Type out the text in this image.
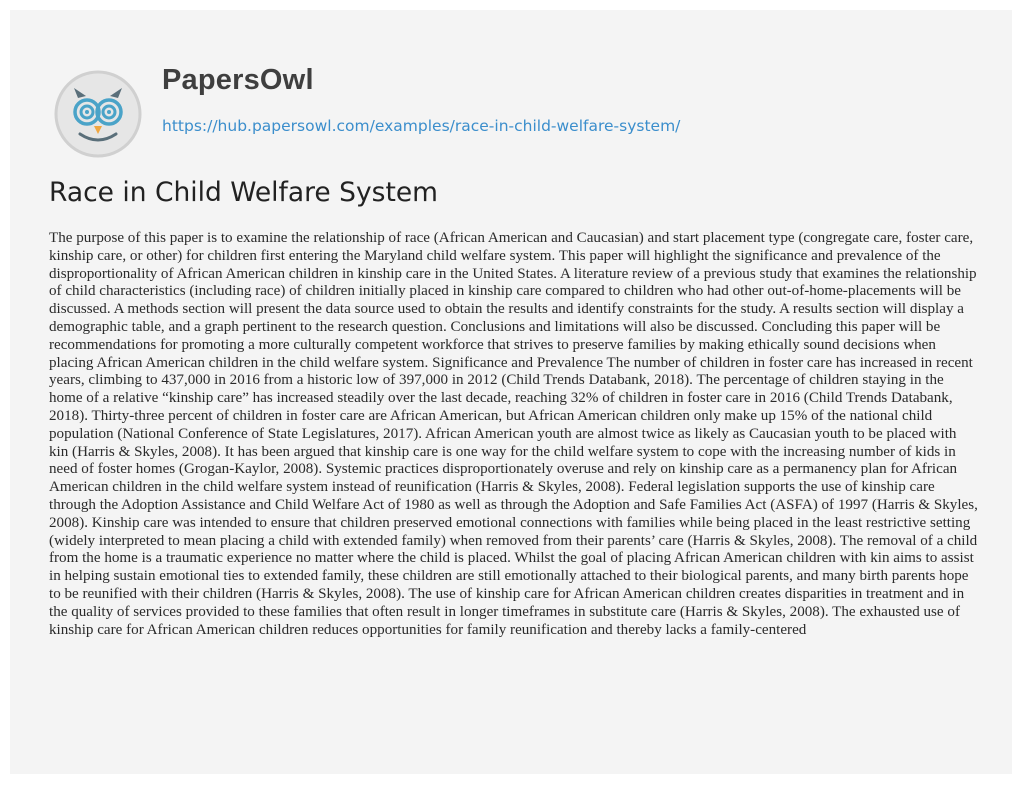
PapersOwl
https://hub.papersowl.com/examples/race-in-child-welfare-system/
Race in Child Welfare System

The purpose of this paper is to examine the relationship of race (African American and Caucasian) and start placement type (congregate care, foster care, kinship care, or other) for children first entering the Maryland child welfare system. This paper will highlight the significance and prevalence of the disproportionality of African American children in kinship care in the United States. A literature review of a previous study that examines the relationship of child characteristics (including race) of children initially placed in kinship care compared to children who had other out-of-home-placements will be discussed. A methods section will present the data source used to obtain the results and identify constraints for the study. A results section will display a demographic table, and a graph pertinent to the research question. Conclusions and limitations will also be discussed. Concluding this paper will be recommendations for promoting a more culturally competent workforce that strives to preserve families by making ethically sound decisions when placing African American children in the child welfare system. Significance and Prevalence The number of children in foster care has increased in recent years, climbing to 437,000 in 2016 from a historic low of 397,000 in 2012 (Child Trends Databank, 2018). The percentage of children staying in the home of a relative “kinship care” has increased steadily over the last decade, reaching 32% of children in foster care in 2016 (Child Trends Databank, 2018). Thirty-three percent of children in foster care are African American, but African American children only make up 15% of the national child population (National Conference of State Legislatures, 2017). African American youth are almost twice as likely as Caucasian youth to be placed with kin (Harris & Skyles, 2008). It has been argued that kinship care is one way for the child welfare system to cope with the increasing number of kids in need of foster homes (Grogan-Kaylor, 2008). Systemic practices disproportionately overuse and rely on kinship care as a permanency plan for African American children in the child welfare system instead of reunification (Harris & Skyles, 2008). Federal legislation supports the use of kinship care through the Adoption Assistance and Child Welfare Act of 1980 as well as through the Adoption and Safe Families Act (ASFA) of 1997 (Harris & Skyles, 2008). Kinship care was intended to ensure that children preserved emotional connections with families while being placed in the least restrictive setting (widely interpreted to mean placing a child with extended family) when removed from their parents’ care (Harris & Skyles, 2008). The removal of a child from the home is a traumatic experience no matter where the child is placed. Whilst the goal of placing African American children with kin aims to assist in helping sustain emotional ties to extended family, these children are still emotionally attached to their biological parents, and many birth parents hope to be reunified with their children (Harris & Skyles, 2008). The use of kinship care for African American children creates disparities in treatment and in the quality of services provided to these families that often result in longer timeframes in substitute care (Harris & Skyles, 2008). The exhausted use of kinship care for African American children reduces opportunities for family reunification and thereby lacks a family-centered
